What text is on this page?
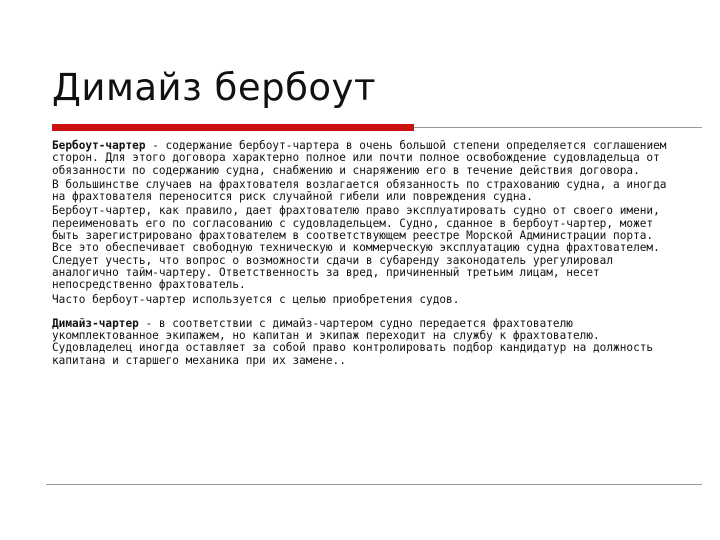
Димайз бербоут

Бербоут-чартер - содержание бербоут-чартера в очень большой степени определяется соглашением сторон. Для этого договора характерно полное или почти полное освобождение судовладельца от обязанности по содержанию судна, снабжению и снаряжению его в течение действия договора.

В большинстве случаев на фрахтователя возлагается обязанность по страхованию судна, а иногда на фрахтователя переносится риск случайной гибели или повреждения судна.

Бербоут-чартер, как правило, дает фрахтователю право эксплуатировать судно от своего имени, переименовать его по согласованию с судовладельцем. Судно, сданное в бербоут-чартер, может быть зарегистрировано фрахтователем в соответствующем реестре Морской Администрации порта. Все это обеспечивает свободную техническую и коммерческую эксплуатацию судна фрахтователем. Следует учесть, что вопрос о возможности сдачи в субаренду законодатель урегулировал аналогично тайм-чартеру. Ответственность за вред, причиненный третьим лицам, несет непосредственно фрахтователь.

Часто бербоут-чартер используется с целью приобретения судов.

Димайз-чартер - в соответствии с димайз-чартером судно передается фрахтователю укомплектованное экипажем, но капитан и экипаж переходит на службу к фрахтователю. Судовладелец иногда оставляет за собой право контролировать подбор кандидатур на должность капитана и старшего механика при их замене..
